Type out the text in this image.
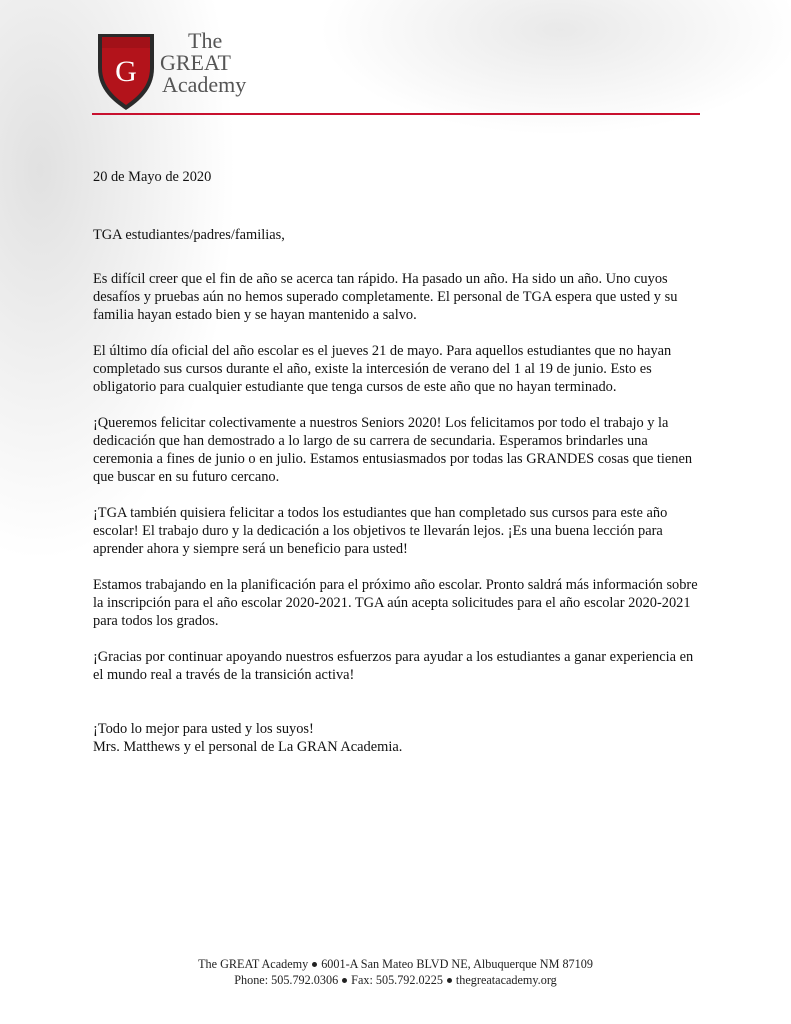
G
The
GREAT
Academy

20 de Mayo de 2020

TGA estudiantes/padres/familias,

Es difícil creer que el fin de año se acerca tan rápido. Ha pasado un año. Ha sido un año. Uno cuyos desafíos y pruebas aún no hemos superado completamente. El personal de TGA espera que usted y su familia hayan estado bien y se hayan mantenido a salvo.

El último día oficial del año escolar es el jueves 21 de mayo. Para aquellos estudiantes que no hayan completado sus cursos durante el año, existe la intercesión de verano del 1 al 19 de junio. Esto es obligatorio para cualquier estudiante que tenga cursos de este año que no hayan terminado.

¡Queremos felicitar colectivamente a nuestros Seniors 2020! Los felicitamos por todo el trabajo y la dedicación que han demostrado a lo largo de su carrera de secundaria. Esperamos brindarles una ceremonia a fines de junio o en julio. Estamos entusiasmados por todas las GRANDES cosas que tienen que buscar en su futuro cercano.

¡TGA también quisiera felicitar a todos los estudiantes que han completado sus cursos para este año escolar! El trabajo duro y la dedicación a los objetivos te llevarán lejos. ¡Es una buena lección para aprender ahora y siempre será un beneficio para usted!

Estamos trabajando en la planificación para el próximo año escolar. Pronto saldrá más información sobre la inscripción para el año escolar 2020-2021. TGA aún acepta solicitudes para el año escolar 2020-2021 para todos los grados.

¡Gracias por continuar apoyando nuestros esfuerzos para ayudar a los estudiantes a ganar experiencia en el mundo real a través de la transición activa!

¡Todo lo mejor para usted y los suyos!

Mrs. Matthews y el personal de La GRAN Academia.

The GREAT Academy 6001-A San Mateo BLVD NE, Albuquerque NM 87109
Phone: 505.792.0306 Fax: 505.792.0225 thegreatacademy.org
